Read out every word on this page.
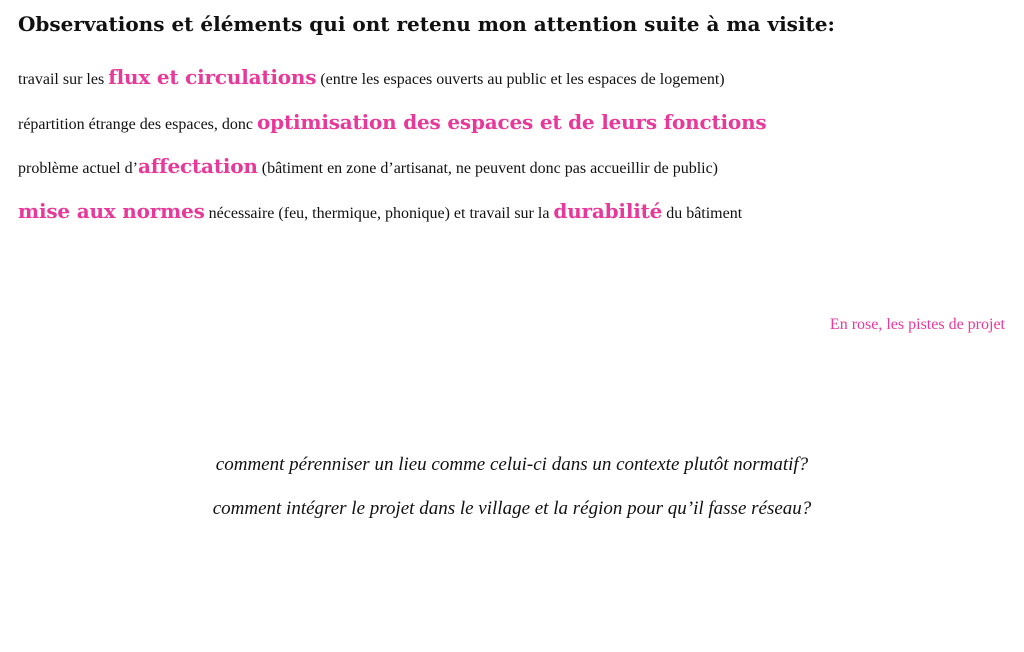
Observations et éléments qui ont retenu mon attention suite à ma visite:
travail sur les flux et circulations (entre les espaces ouverts au public et les espaces de logement)
répartition étrange des espaces, donc optimisation des espaces et de leurs fonctions
problème actuel d’affectation (bâtiment en zone d’artisanat, ne peuvent donc pas accueillir de public)
mise aux normes nécessaire (feu, thermique, phonique) et travail sur la durabilité du bâtiment
En rose, les pistes de projet
comment pérenniser un lieu comme celui-ci dans un contexte plutôt normatif?
comment intégrer le projet dans le village et la région pour qu’il fasse réseau?
